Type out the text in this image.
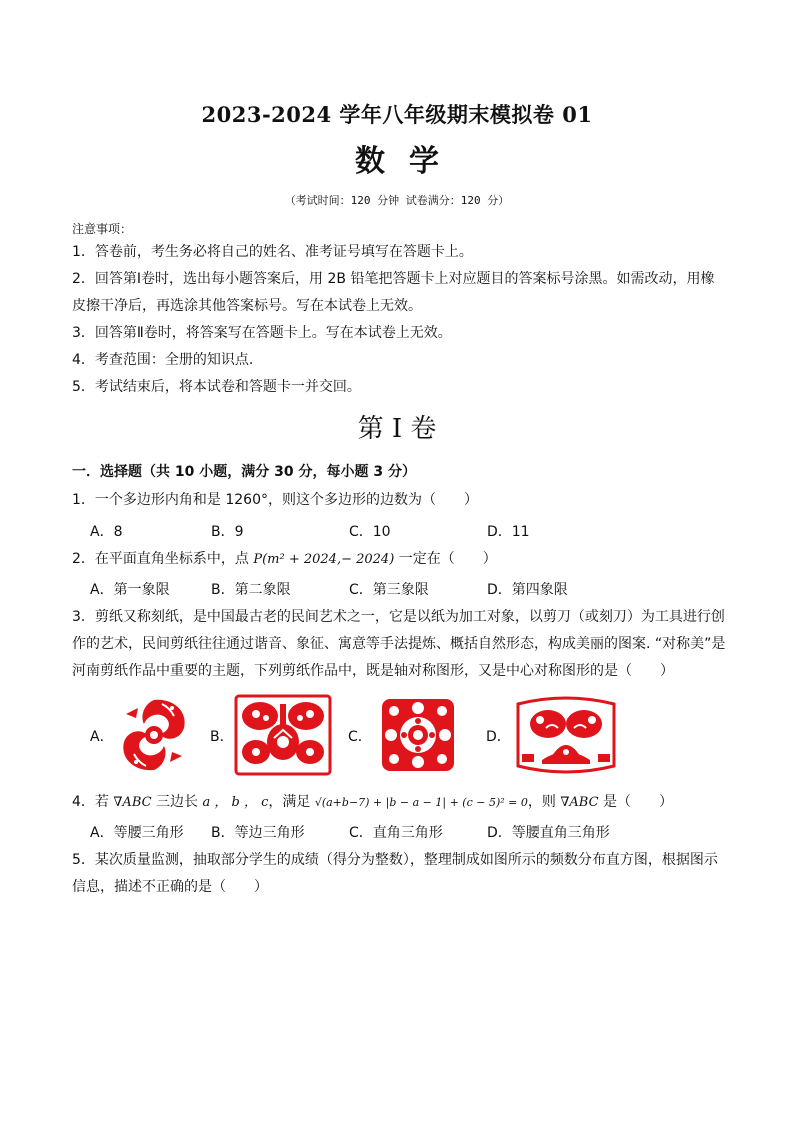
2023-2024 学年八年级期末模拟卷 01
数学
（考试时间：120 分钟 试卷满分：120 分）
注意事项：
1．答卷前，考生务必将自己的姓名、准考证号填写在答题卡上。
2．回答第Ⅰ卷时，选出每小题答案后，用 2B 铅笔把答题卡上对应题目的答案标号涂黑。如需改动，用橡
皮擦干净后，再选涂其他答案标号。写在本试卷上无效。
3．回答第Ⅱ卷时，将答案写在答题卡上。写在本试卷上无效。
4．考查范围：全册的知识点.
5．考试结束后，将本试卷和答题卡一并交回。
第 I 卷
一．选择题（共 10 小题，满分 30 分，每小题 3 分）
1．一个多边形内角和是 1260°，则这个多边形的边数为（　　）
A．8	B．9	C．10	D．11
2．在平面直角坐标系中，点 P(m² + 2024,− 2024) 一定在（　　）
A．第一象限	B．第二象限	C．第三象限	D．第四象限
3．剪纸又称刻纸，是中国最古老的民间艺术之一，它是以纸为加工对象，以剪刀（或刻刀）为工具进行创
作的艺术，民间剪纸往往通过谐音、象征、寓意等手法提炼、概括自然形态，构成美丽的图案. “对称美”是
河南剪纸作品中重要的主题，下列剪纸作品中，既是轴对称图形，又是中心对称图形的是（　　）
A．	B．	C．	D．
4．若 ∇ABC 三边长 a ， b ， c，满足 √(a+b−7) + |b − a − 1| + (c − 5)² = 0，则 ∇ABC 是（　　）
A．等腰三角形 B．等边三角形	C．直角三角形	D．等腰直角三角形
5．某次质量监测，抽取部分学生的成绩（得分为整数），整理制成如图所示的频数分布直方图，根据图示
信息，描述不正确的是（　　）
